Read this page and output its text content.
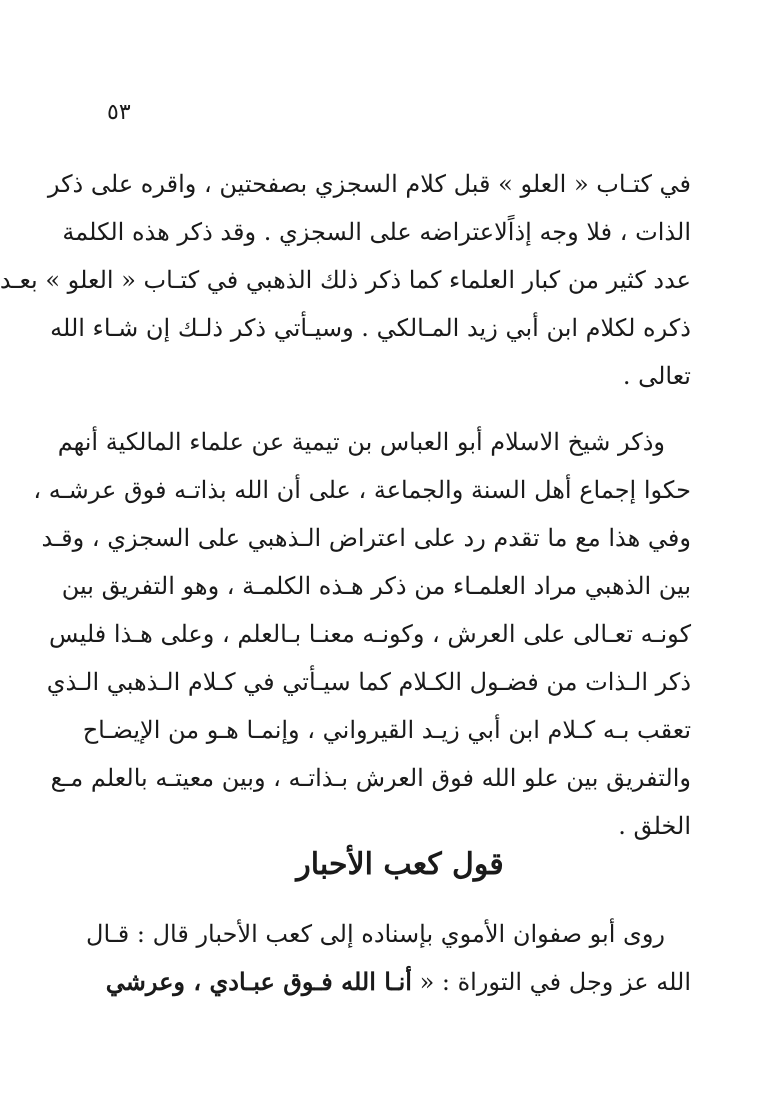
٥٣
في كتـاب « العلو » قبل كلام السجزي بصفحتين ، واقره على ذكر
الذات ، فلا وجه إذاًلاعتراضه على السجزي . وقد ذكر هذه الكلمة
عدد كثير من كبار العلماء كما ذكر ذلك الذهبي في كتـاب « العلو » بعـد
ذكره لكلام ابن أبي زيد المـالكي . وسيـأتي ذكر ذلـك إن شـاء الله
تعالى .
وذكر شيخ الاسلام أبو العباس بن تيمية عن علماء المالكية أنهم
حكوا إجماع أهل السنة والجماعة ، على أن الله بذاتـه فوق عرشـه ،
وفي هذا مع ما تقدم رد على اعتراض الـذهبي على السجزي ، وقـد
بين الذهبي مراد العلمـاء من ذكر هـذه الكلمـة ، وهو التفريق بين
كونـه تعـالى على العرش ، وكونـه معنـا بـالعلم ، وعلى هـذا فليس
ذكر الـذات من فضـول الكـلام كما سيـأتي في كـلام الـذهبي الـذي
تعقب بـه كـلام ابن أبي زيـد القيرواني ، وإنمـا هـو من الإيضـاح
والتفريق بين علو الله فوق العرش بـذاتـه ، وبين معيتـه بالعلم مـع
الخلق .
قول كعب الأحبار
روى أبو صفوان الأموي بإسناده إلى كعب الأحبار قال : قـال
الله عز وجل في التوراة : « أنـا الله فـوق عبـادي ، وعرشي
